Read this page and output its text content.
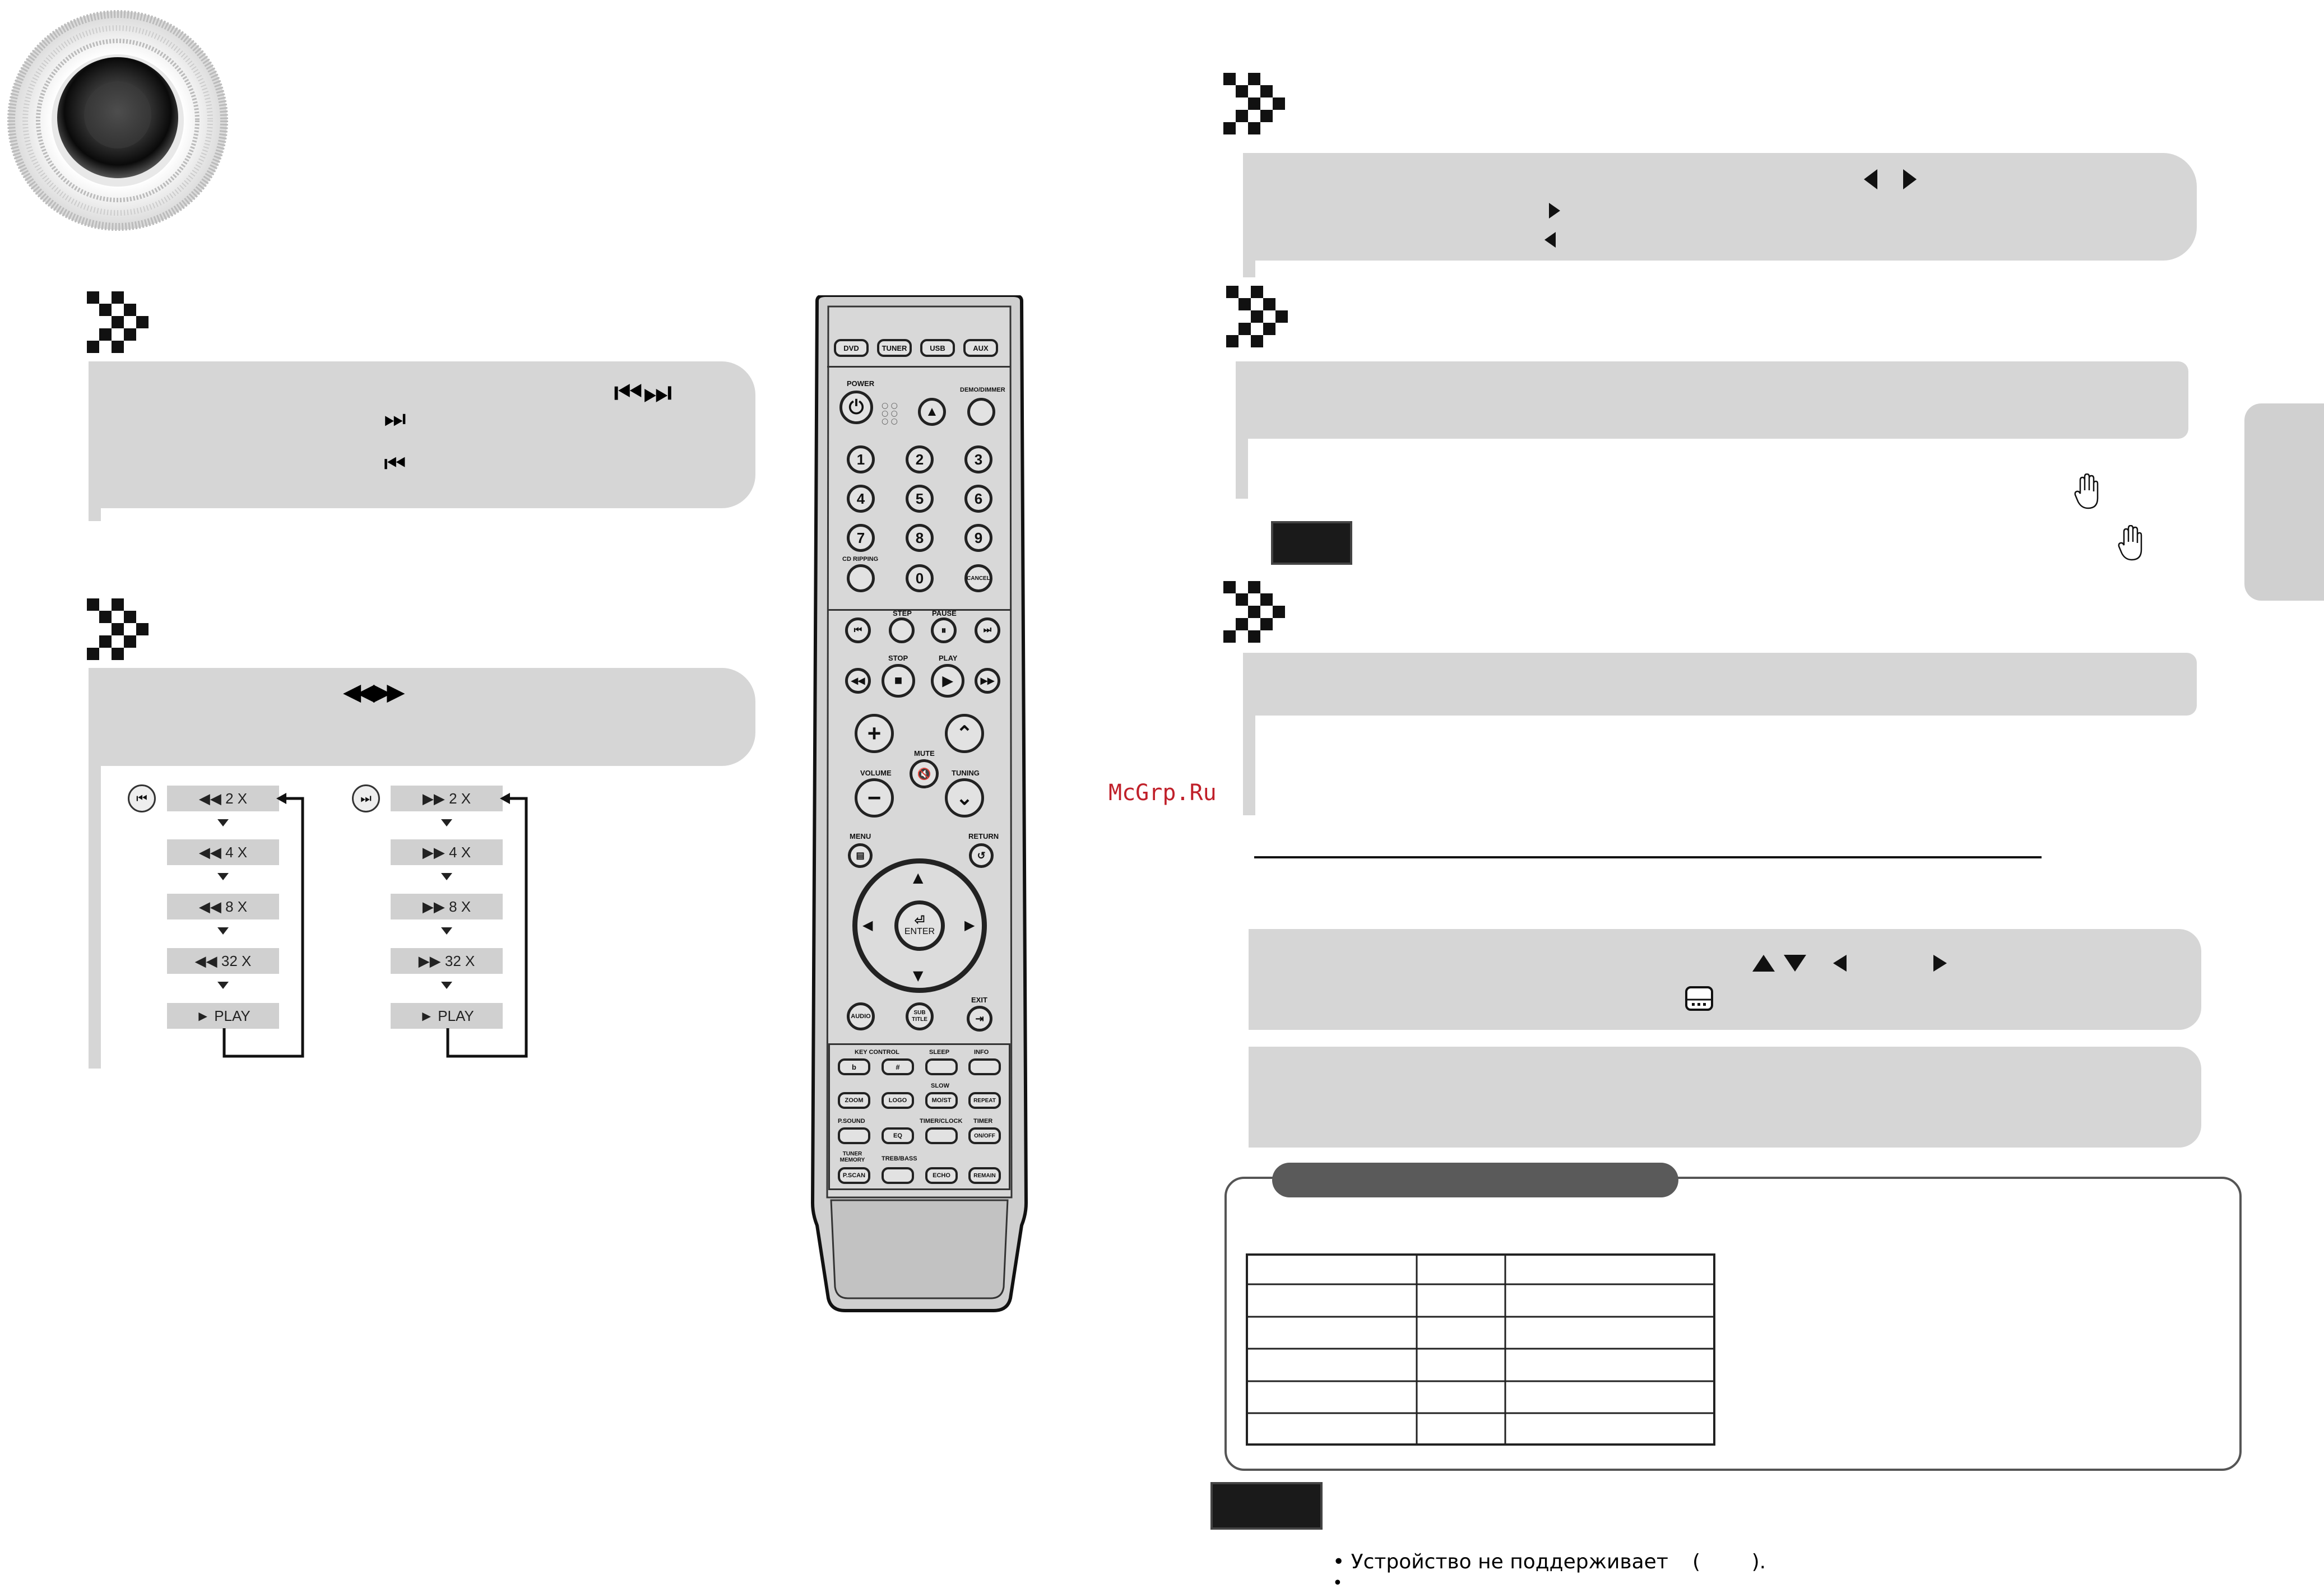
⏮⏭
⏭
⏮
◀◀ ▶▶
⏮	◀◀ 2 X
◀◀ 4 X
◀◀ 8 X
◀◀ 32 X
► PLAY
⏭	▶▶ 2 X
▶▶ 4 X
▶▶ 8 X
▶▶ 32 X
► PLAY
DVD	TUNER	USB	AUX
POWER
⏻	○ ○
○ ○
○ ○
▲
DEMO/DIMMER
1	2	3
4	5	6
7	8	9
CD RIPPING
0	CANCEL
STEP	PAUSE
⏮	⏸	⏭
STOP	PLAY
◀◀	■	▶	▶▶
+	⌃
MUTE
🔇
VOLUME	TUNING
−	⌄
MENU	RETURN
▤	↺
▲
▼
◀	▶
⏎
ENTER
EXIT
AUDIO
SUB TITLE	⇥
KEY CONTROL	SLEEP	INFO
b	#
SLOW
ZOOM	LOGO	MO/ST	REPEAT
P.SOUND	TIMER/CLOCK TIMER
EQ	ON/OFF
TUNER MEMORY	TREB/BASS
P.SCAN	ECHO	REMAIN
McGrp.Ru
• Устройство не поддерживает (        ).
•
